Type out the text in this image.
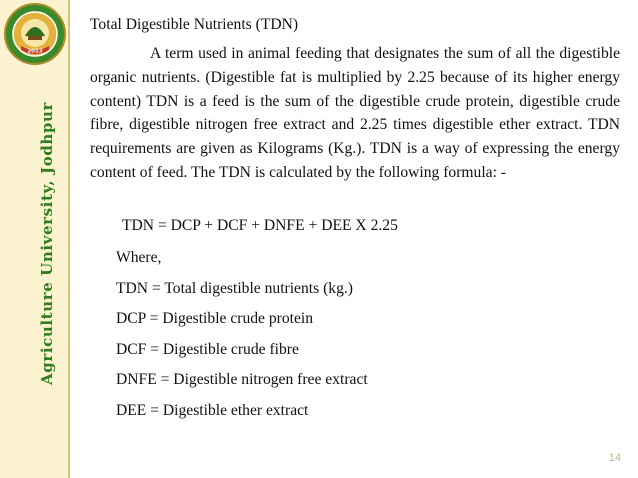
2013
Agriculture University, Jodhpur

Total Digestible Nutrients (TDN)

A term used in animal feeding that designates the sum of all the digestible organic nutrients. (Digestible fat is multiplied by 2.25 because of its higher energy content) TDN is a feed is the sum of the digestible crude protein, digestible crude fibre, digestible nitrogen free extract and 2.25 times digestible ether extract. TDN requirements are given as Kilograms (Kg.). TDN is a way of expressing the energy content of feed. The TDN is calculated by the following formula: -

TDN = DCP + DCF + DNFE + DEE X 2.25
Where,
TDN = Total digestible nutrients (kg.)
DCP = Digestible crude protein
DCF = Digestible crude fibre
DNFE = Digestible nitrogen free extract
DEE = Digestible ether extract
14
